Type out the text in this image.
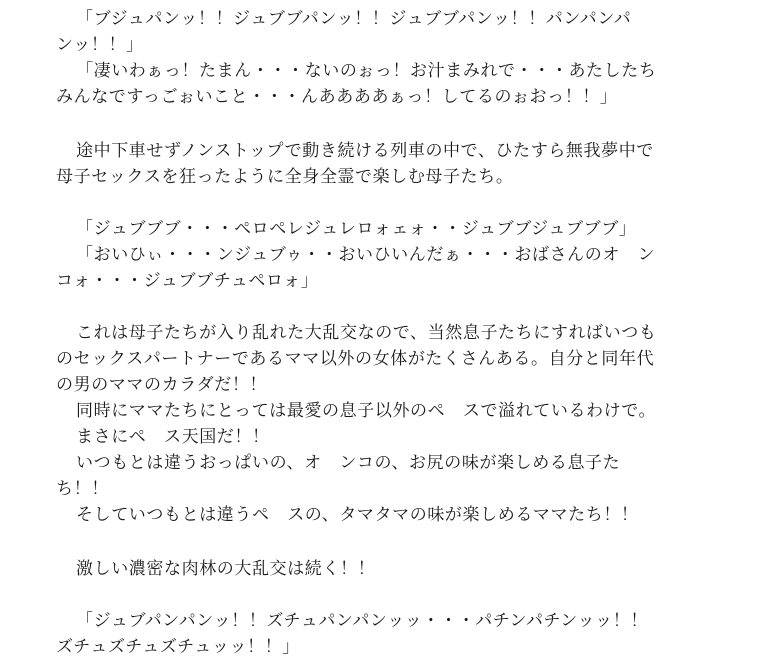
「ブジュパンッ！！ジュブブパンッ！！ジュブブパンッ！！パンパンパ
ンッ！！」
「凄いわぁっ！たまん・・・ないのぉっ！お汁まみれで・・・あたしたち
みんなですっごぉいこと・・・んああああぁっ！してるのぉおっ！！」
途中下車せずノンストップで動き続ける列車の中で、ひたすら無我夢中で
母子セックスを狂ったように全身全霊で楽しむ母子たち。
「ジュブブブ・・・ペロペレジュレロォェォ・・ジュブブジュブブブ」
「おいひぃ・・・ンジュブゥ・・おいひいんだぁ・・・おばさんのオ　ン
コォ・・・ジュブブチュペロォ」
これは母子たちが入り乱れた大乱交なので、当然息子たちにすればいつも
のセックスパートナーであるママ以外の女体がたくさんある。自分と同年代
の男のママのカラダだ！！
同時にママたちにとっては最愛の息子以外のペ　スで溢れているわけで。
まさにペ　ス天国だ！！
いつもとは違うおっぱいの、オ　ンコの、お尻の味が楽しめる息子た
ち！！
そしていつもとは違うペ　スの、タマタマの味が楽しめるママたち！！
激しい濃密な肉林の大乱交は続く！！
「ジュブパンパンッ！！ズチュパンパンッッ・・・パチンパチンッッ！！
ズチュズチュズチュッッ！！」
